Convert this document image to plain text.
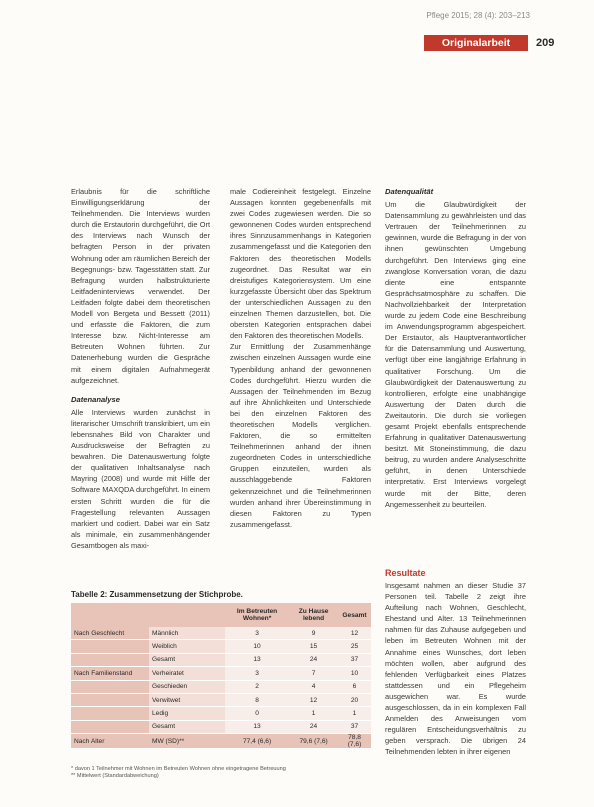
Pflege 2015; 28 (4): 203–213
Originalarbeit	209

Erlaubnis für die schriftliche Einwilligungserklärung der Teilnehmenden. Die Interviews wurden durch die Erstautorin durchgeführt, die Ort des Interviews nach Wunsch der befragten Person in der privaten Wohnung oder am räumlichen Bereich der Begegnungs- bzw. Tagesstätten statt. Zur Befragung wurden halbstrukturierte Leitfadeninterviews verwendet. Der Leitfaden folgte dabei dem theoretischen Modell von Bergeta und Bessett (2011) und erfasste die Faktoren, die zum Interesse bzw. Nicht-Interesse am Betreuten Wohnen führten. Zur Datenerhebung wurden die Gespräche mit einem digitalen Aufnahmegerät aufgezeichnet.

Datenanalyse

Alle Interviews wurden zunächst in literarischer Umschrift transkribiert, um ein lebensnahes Bild von Charakter und Ausdrucksweise der Befragten zu bewahren. Die Datenauswertung folgte der qualitativen Inhaltsanalyse nach Mayring (2008) und wurde mit Hilfe der Software MAXQDA durchgeführt. In einem ersten Schritt wurden die für die Fragestellung relevanten Aussagen markiert und codiert. Dabei war ein Satz als minimale, ein zusammenhängender Gesamtbogen als maxi-

male Codiereinheit festgelegt. Einzelne Aussagen konnten gegebenenfalls mit zwei Codes zugewiesen werden. Die so gewonnenen Codes wurden entsprechend ihres Sinnzusammenhangs in Kategorien zusammengefasst und die Kategorien den Faktoren des theoretischen Modells zugeordnet. Das Resultat war ein dreistufiges Kategoriensystem. Um eine kurzgefasste Übersicht über das Spektrum der unterschiedlichen Aussagen zu den einzelnen Themen darzustellen, bot. Die obersten Kategorien entsprachen dabei den Faktoren des theoretischen Modells.

Zur Ermittlung der Zusammenhänge zwischen einzelnen Aussagen wurde eine Typenbildung anhand der gewonnenen Codes durchgeführt. Hierzu wurden die Aussagen der Teilnehmenden im Bezug auf ihre Ähnlichkeiten und Unterschiede bei den einzelnen Faktoren des theoretischen Modells verglichen. Faktoren, die so ermittelten Teilnehmerinnen anhand der ihnen zugeordneten Codes in unterschiedliche Gruppen einzuteilen, wurden als ausschlaggebende Faktoren gekennzeichnet und die Teilnehmerinnen wurden anhand ihrer Übereinstimmung in diesen Faktoren zu Typen zusammengefasst.

Datenqualität

Um die Glaubwürdigkeit der Datensammlung zu gewährleisten und das Vertrauen der Teilnehmerinnen zu gewinnen, wurde die Befragung in der von ihnen gewünschten Umgebung durchgeführt. Den Interviews ging eine zwanglose Konversation voran, die dazu diente eine entspannte Gesprächsatmosphäre zu schaffen. Die Nachvollziehbarkeit der Interpretation wurde zu jedem Code eine Beschreibung im Anwendungsprogramm abgespeichert. Der Erstautor, als Hauptverantwortlicher für die Datensammlung und Auswertung, verfügt über eine langjährige Erfahrung in qualitativer Forschung. Um die Glaubwürdigkeit der Datenauswertung zu kontrollieren, erfolgte eine unabhängige Auswertung der Daten durch die Zweitautorin. Die durch sie vorliegen gesamt Projekt ebenfalls entsprechende Erfahrung in qualitativer Datenauswertung besitzt. Mit Stoneinstimmung, die dazu beitrug, zu wurden andere Analyseschritte geführt, in denen Unterschiede interpretativ. Erst Interviews vorgelegt wurde mit der Bitte, deren Angemessenheit zu beurteilen.

Resultate

Insgesamt nahmen an dieser Studie 37 Personen teil. Tabelle 2 zeigt ihre Aufteilung nach Wohnen, Geschlecht, Ehestand und Alter. 13 Teilnehmerinnen nahmen für das Zuhause aufgegeben und leben im Betreuten Wohnen mit der Annahme eines Wunsches, dort leben möchten wollen, aber aufgrund des fehlenden Verfügbarkeit eines Platzes stattdessen und ein Pflegeheim ausgewichen war. Es wurde ausgeschlossen, da in ein komplexen Fall Anmelden des Anweisungen vom regulären Entscheidungsverhältnis zu geben versprach. Die übrigen 24 Teilnehmenden lebten in ihrer eigenen

Tabelle 2: Zusammensetzung der Stichprobe.
		Im Betreuten Wohnen*	Zu Hause lebend	Gesamt
Nach Geschlecht	Männlich	3	9	12
	Weiblich	10	15	25
	Gesamt	13	24	37
Nach Familienstand	Verheiratet	3	7	10
	Geschieden	2	4	6
	Verwitwet	8	12	20
	Ledig	0	1	1
	Gesamt	13	24	37
Nach Alter	MW (SD)**	77,4 (6,6)	79,6 (7,6)	78,8 (7,6)
* davon 1 Teilnehmer mit Wohnen im Betreuten Wohnen ohne eingetragene Betreuung
** Mittelwert (Standardabweichung)
